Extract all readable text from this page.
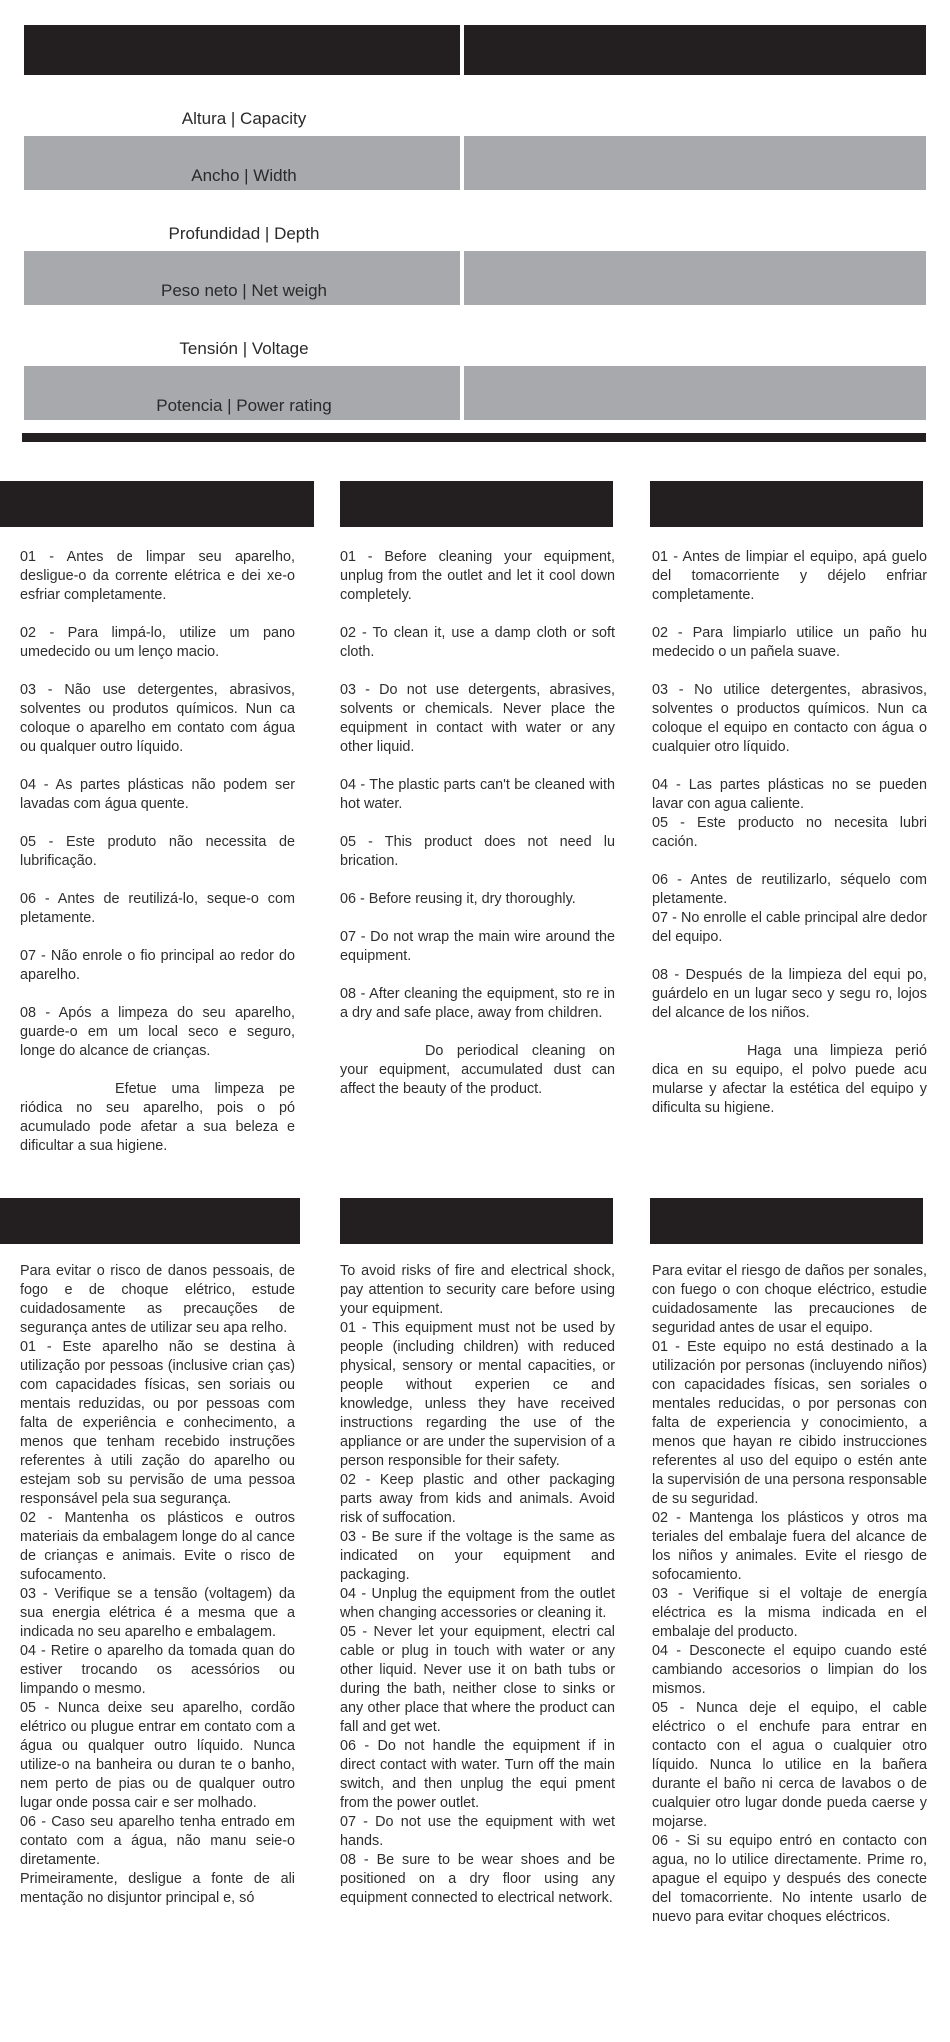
Altura | Capacity
Ancho | Width
Profundidad | Depth
Peso neto | Net weigh
Tensión | Voltage
Potencia | Power rating

01 - Antes de limpar seu aparelho, desligue-o da corrente elétrica e dei xe-o esfriar completamente.

02 - Para limpá-lo, utilize um pano umedecido ou um lenço macio.

03 - Não use detergentes, abrasivos, solventes ou produtos químicos. Nun ca coloque o aparelho em contato com água ou qualquer outro líquido.

04 - As partes plásticas não podem ser lavadas com água quente.

05 - Este produto não necessita de lubrificação.

06 - Antes de reutilizá-lo, seque-o com pletamente.

07 - Não enrole o fio principal ao redor do aparelho.

08 - Após a limpeza do seu aparelho, guarde-o em um local seco e seguro, longe do alcance de crianças.

Efetue uma limpeza pe riódica no seu aparelho, pois o pó acumulado pode afetar a sua beleza e dificultar a sua higiene.

01 - Before cleaning your equipment, unplug from the outlet and let it cool down completely.

02 - To clean it, use a damp cloth or soft cloth.

03 - Do not use detergents, abrasives, solvents or chemicals. Never place the equipment in contact with water or any other liquid.

04 - The plastic parts can't be cleaned with hot water.

05 - This product does not need lu brication.

06 - Before reusing it, dry thoroughly.

07 - Do not wrap the main wire around the equipment.

08 - After cleaning the equipment, sto re in a dry and safe place, away from children.

Do periodical cleaning on your equipment, accumulated dust can affect the beauty of the product.

01 - Antes de limpiar el equipo, apá guelo del tomacorriente y déjelo enfriar completamente.

02 - Para limpiarlo utilice un paño hu medecido o un pañela suave.

03 - No utilice detergentes, abrasivos, solventes o productos químicos. Nun ca coloque el equipo en contacto con água o cualquier otro líquido.

04 - Las partes plásticas no se pueden lavar con agua caliente.

05 - Este producto no necesita lubri cación.

06 - Antes de reutilizarlo, séquelo com pletamente.

07 - No enrolle el cable principal alre dedor del equipo.

08 - Después de la limpieza del equi po, guárdelo en un lugar seco y segu ro, lojos del alcance de los niños.

Haga una limpieza perió dica en su equipo, el polvo puede acu mularse y afectar la estética del equipo y dificulta su higiene.

Para evitar o risco de danos pessoais, de fogo e de choque elétrico, estude cuidadosamente as precauções de segurança antes de utilizar seu apa relho.

01 - Este aparelho não se destina à utilização por pessoas (inclusive crian ças) com capacidades físicas, sen soriais ou mentais reduzidas, ou por pessoas com falta de experiência e conhecimento, a menos que tenham recebido instruções referentes à utili zação do aparelho ou estejam sob su pervisão de uma pessoa responsável pela sua segurança.

02 - Mantenha os plásticos e outros materiais da embalagem longe do al cance de crianças e animais. Evite o risco de sufocamento.

03 - Verifique se a tensão (voltagem) da sua energia elétrica é a mesma que a indicada no seu aparelho e embalagem.

04 - Retire o aparelho da tomada quan do estiver trocando os acessórios ou limpando o mesmo.

05 - Nunca deixe seu aparelho, cordão elétrico ou plugue entrar em contato com a água ou qualquer outro líquido. Nunca utilize-o na banheira ou duran te o banho, nem perto de pias ou de qualquer outro lugar onde possa cair e ser molhado.

06 - Caso seu aparelho tenha entrado em contato com a água, não manu seie-o diretamente.

Primeiramente, desligue a fonte de ali mentação no disjuntor principal e, só

To avoid risks of fire and electrical shock, pay attention to security care before using your equipment.

01 - This equipment must not be used by people (including children) with reduced physical, sensory or mental capacities, or people without experien ce and knowledge, unless they have received instructions regarding the use of the appliance or are under the supervision of a person responsible for their safety.

02 - Keep plastic and other packaging parts away from kids and animals. Avoid risk of suffocation.

03 - Be sure if the voltage is the same as indicated on your equipment and packaging.

04 - Unplug the equipment from the outlet when changing accessories or cleaning it.

05 - Never let your equipment, electri cal cable or plug in touch with water or any other liquid. Never use it on bath tubs or during the bath, neither close to sinks or any other place that where the product can fall and get wet.

06 - Do not handle the equipment if in direct contact with water. Turn off the main switch, and then unplug the equi pment from the power outlet.

07 - Do not use the equipment with wet hands.

08 - Be sure to be wear shoes and be positioned on a dry floor using any equipment connected to electrical network.

Para evitar el riesgo de daños per sonales, con fuego o con choque eléctrico, estudie cuidadosamente las precauciones de seguridad antes de usar el equipo.

01 - Este equipo no está destinado a la utilización por personas (incluyendo niños) con capacidades físicas, sen soriales o mentales reducidas, o por personas con falta de experiencia y conocimiento, a menos que hayan re cibido instrucciones referentes al uso del equipo o estén ante la supervisión de una persona responsable de su seguridad.

02 - Mantenga los plásticos y otros ma teriales del embalaje fuera del alcance de los niños y animales. Evite el riesgo de sofocamiento.

03 - Verifique si el voltaje de energía eléctrica es la misma indicada en el embalaje del producto.

04 - Desconecte el equipo cuando esté cambiando accesorios o limpian do los mismos.

05 - Nunca deje el equipo, el cable eléctrico o el enchufe para entrar en contacto con el agua o cualquier otro líquido. Nunca lo utilice en la bañera durante el baño ni cerca de lavabos o de cualquier otro lugar donde pueda caerse y mojarse.

06 - Si su equipo entró en contacto con agua, no lo utilice directamente. Prime ro, apague el equipo y después des conecte del tomacorriente. No intente usarlo de nuevo para evitar choques eléctricos.
